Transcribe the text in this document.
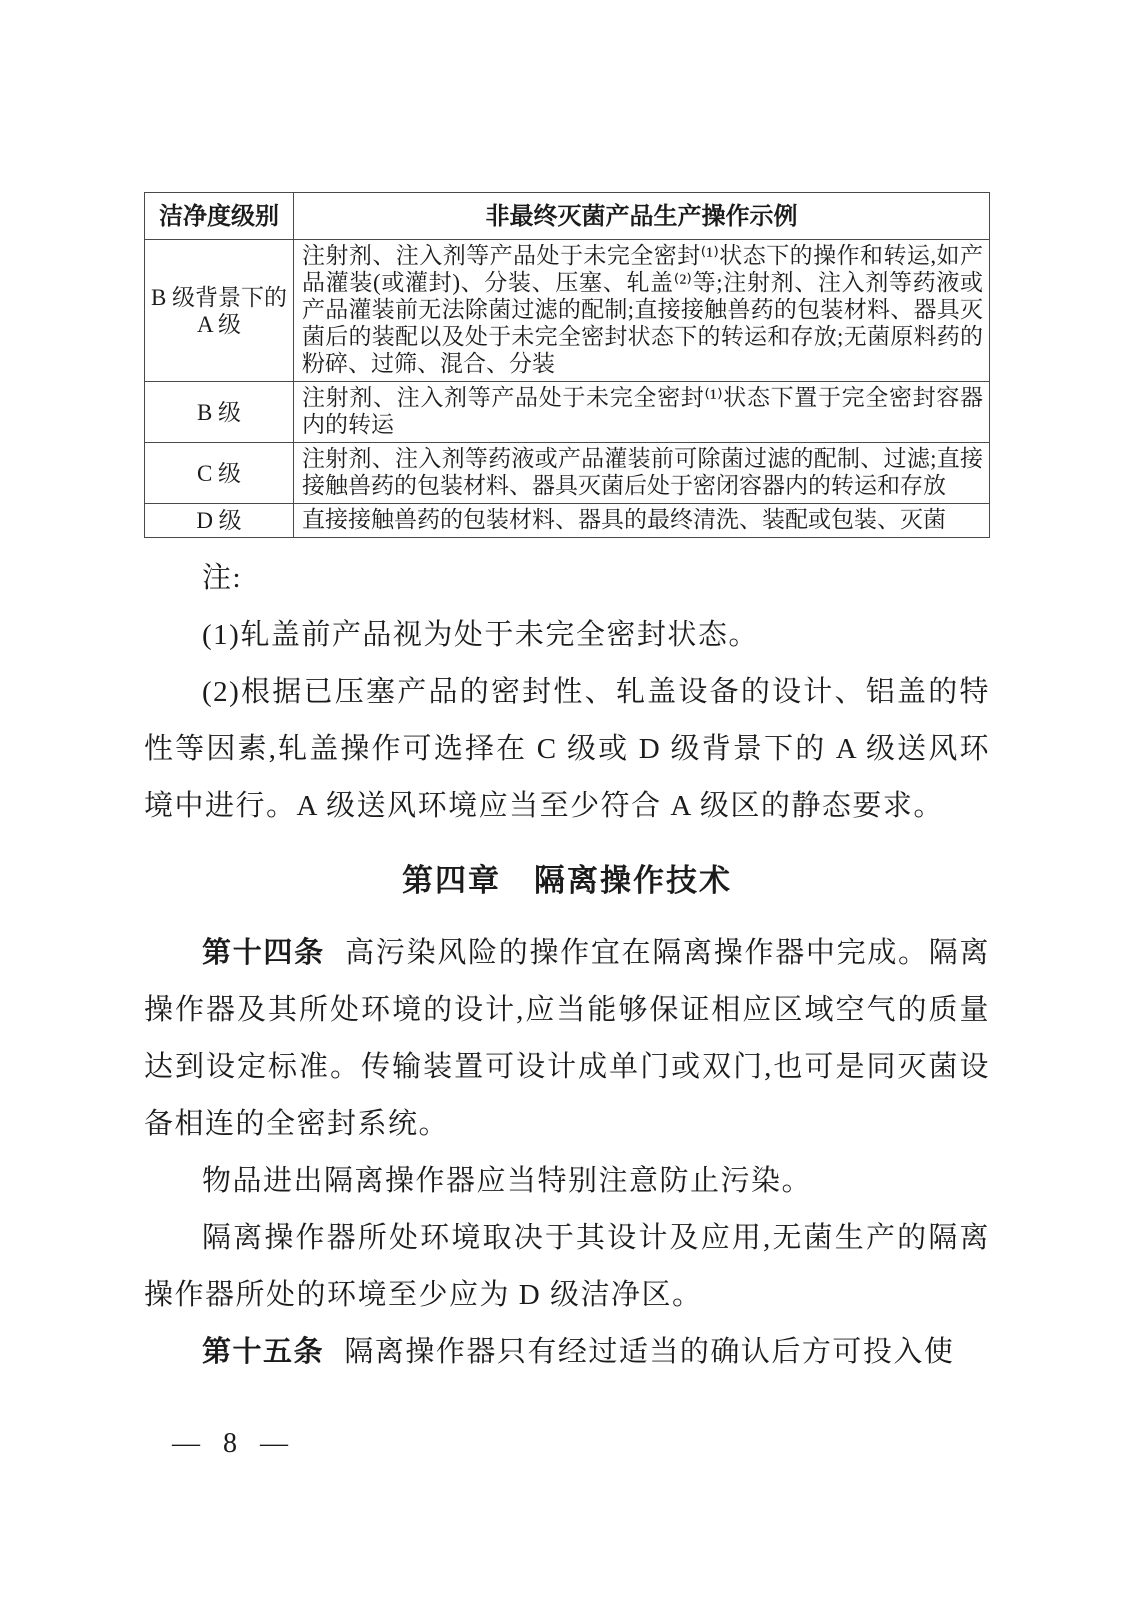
洁净度级别	非最终灭菌产品生产操作示例

B 级背景下的
A 级	注射剂、注入剂等产品处于未完全密封⁽¹⁾状态下的操作和转运,如产品灌装(或灌封)、分装、压塞、轧盖⁽²⁾等;注射剂、注入剂等药液或产品灌装前无法除菌过滤的配制;直接接触兽药的包装材料、器具灭菌后的装配以及处于未完全密封状态下的转运和存放;无菌原料药的粉碎、过筛、混合、分装

B 级	注射剂、注入剂等产品处于未完全密封⁽¹⁾状态下置于完全密封容器内的转运

C 级	注射剂、注入剂等药液或产品灌装前可除菌过滤的配制、过滤;直接接触兽药的包装材料、器具灭菌后处于密闭容器内的转运和存放

D 级	直接接触兽药的包装材料、器具的最终清洗、装配或包装、灭菌

注:

(1)轧盖前产品视为处于未完全密封状态。

(2)根据已压塞产品的密封性、轧盖设备的设计、铝盖的特性等因素,轧盖操作可选择在 C 级或 D 级背景下的 A 级送风环境中进行。A 级送风环境应当至少符合 A 级区的静态要求。

第四章　隔离操作技术

第十四条 高污染风险的操作宜在隔离操作器中完成。隔离操作器及其所处环境的设计,应当能够保证相应区域空气的质量达到设定标准。传输装置可设计成单门或双门,也可是同灭菌设备相连的全密封系统。

物品进出隔离操作器应当特别注意防止污染。

隔离操作器所处环境取决于其设计及应用,无菌生产的隔离操作器所处的环境至少应为 D 级洁净区。

第十五条 隔离操作器只有经过适当的确认后方可投入使

— 8 —
